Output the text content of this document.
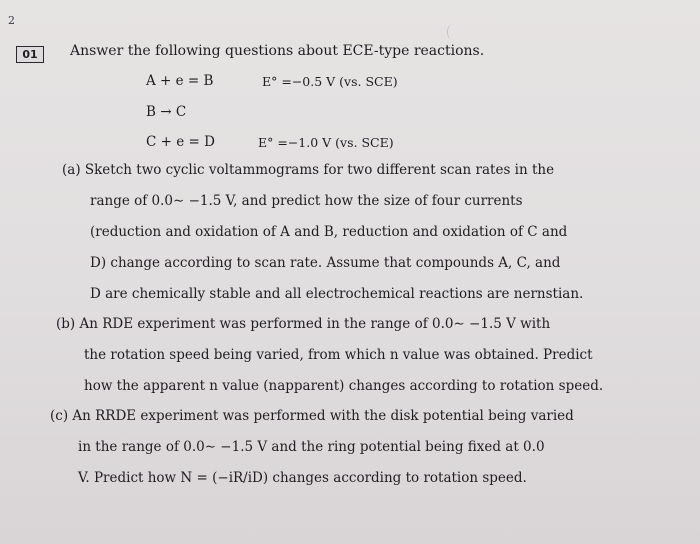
2
01	Answer the following questions about ECE-type reactions.
A + e = B	E° =−0.5 V (vs. SCE)
B → C
C + e = D	E° =−1.0 V (vs. SCE)
(a) Sketch two cyclic voltammograms for two different scan rates in the
range of 0.0∼ −1.5 V, and predict how the size of four currents
(reduction and oxidation of A and B, reduction and oxidation of C and
D) change according to scan rate. Assume that compounds A, C, and
D are chemically stable and all electrochemical reactions are nernstian.
(b) An RDE experiment was performed in the range of 0.0∼ −1.5 V with
the rotation speed being varied, from which n value was obtained. Predict
how the apparent n value (napparent) changes according to rotation speed.
(c) An RRDE experiment was performed with the disk potential being varied
in the range of 0.0∼ −1.5 V and the ring potential being fixed at 0.0
V. Predict how N = (−iR/iD) changes according to rotation speed.
